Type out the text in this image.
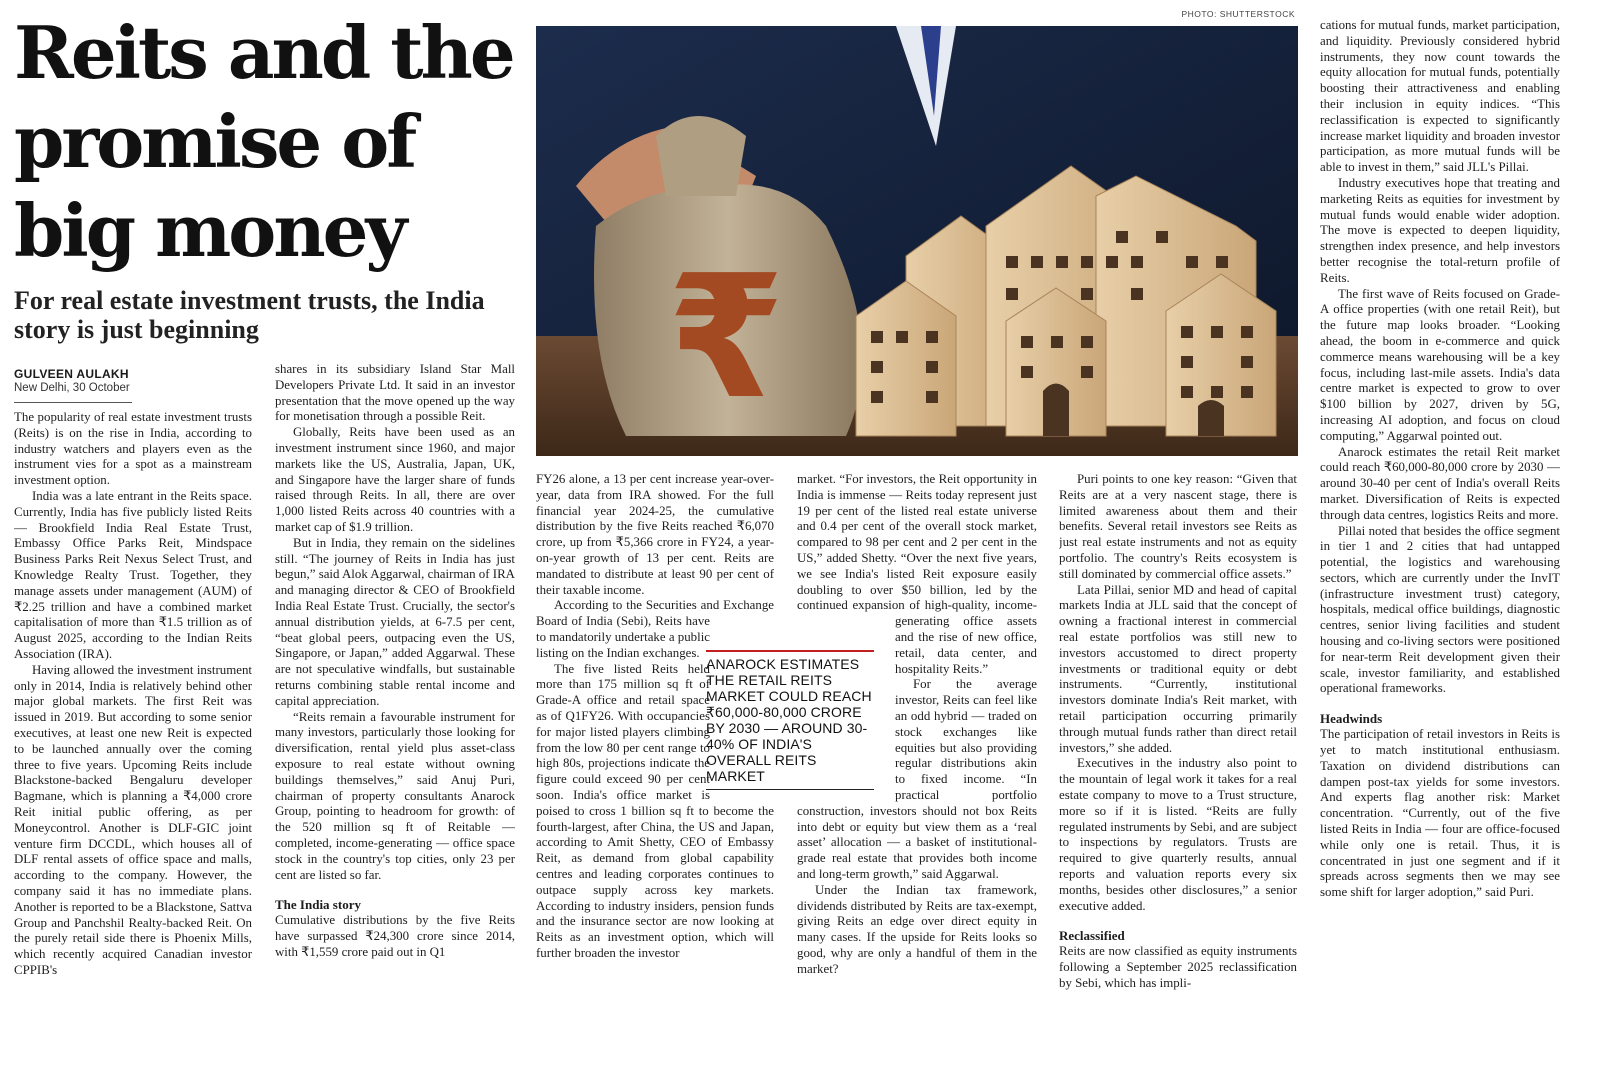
Reits and the promise of big money
For real estate investment trusts, the India story is just beginning
GULVEEN AULAKH
New Delhi, 30 October
PHOTO: SHUTTERSTOCK
₹
ANAROCK ESTIMATES THE RETAIL REITS MARKET COULD REACH ₹60,000-80,000 CRORE BY 2030 — AROUND 30-40% OF INDIA'S OVERALL REITS MARKET

The popularity of real estate investment trusts (Reits) is on the rise in India, according to industry watchers and players even as the instrument vies for a spot as a mainstream investment option.

India was a late entrant in the Reits space. Currently, India has five publicly listed Reits — Brookfield India Real Estate Trust, Embassy Office Parks Reit, Mindspace Business Parks Reit Nexus Select Trust, and Knowledge Realty Trust. Together, they manage assets under management (AUM) of ₹2.25 trillion and have a combined market capitalisation of more than ₹1.5 trillion as of August 2025, according to the Indian Reits Association (IRA).

Having allowed the investment instrument only in 2014, India is relatively behind other major global markets. The first Reit was issued in 2019. But according to some senior executives, at least one new Reit is expected to be launched annually over the coming three to five years. Upcoming Reits include Blackstone-backed Bengaluru developer Bagmane, which is planning a ₹4,000 crore Reit initial public offering, as per Moneycontrol. Another is DLF-GIC joint venture firm DCCDL, which houses all of DLF rental assets of office space and malls, according to the company. However, the company said it has no immediate plans. Another is reported to be a Blackstone, Sattva Group and Panchshil Realty-backed Reit. On the purely retail side there is Phoenix Mills, which recently acquired Canadian investor CPPIB's

shares in its subsidiary Island Star Mall Developers Private Ltd. It said in an investor presentation that the move opened up the way for monetisation through a possible Reit.

Globally, Reits have been used as an investment instrument since 1960, and major markets like the US, Australia, Japan, UK, and Singapore have the larger share of funds raised through Reits. In all, there are over 1,000 listed Reits across 40 countries with a market cap of $1.9 trillion.

But in India, they remain on the sidelines still. “The journey of Reits in India has just begun,” said Alok Aggarwal, chairman of IRA and managing director & CEO of Brookfield India Real Estate Trust. Crucially, the sector's annual distribution yields, at 6-7.5 per cent, “beat global peers, outpacing even the US, Singapore, or Japan,” added Aggarwal. These are not speculative windfalls, but sustainable returns combining stable rental income and capital appreciation.

“Reits remain a favourable instrument for many investors, particularly those looking for diversification, rental yield plus asset-class exposure to real estate without owning buildings themselves,” said Anuj Puri, chairman of property consultants Anarock Group, pointing to headroom for growth: of the 520 million sq ft of Reitable — completed, income-generating — office space stock in the country's top cities, only 23 per cent are listed so far.

The India story

Cumulative distributions by the five Reits have surpassed ₹24,300 crore since 2014, with ₹1,559 crore paid out in Q1

FY26 alone, a 13 per cent increase year-over-year, data from IRA showed. For the full financial year 2024-25, the cumulative distribution by the five Reits reached ₹6,070 crore, up from ₹5,366 crore in FY24, a year-on-year growth of 13 per cent. Reits are mandated to distribute at least 90 per cent of their taxable income.

According to the Securities and Exchange Board of India (Sebi), Reits have to mandatorily undertake a public listing on the Indian exchanges.

The five listed Reits held more than 175 million sq ft of Grade-A office and retail space as of Q1FY26. With occupancies for major listed players climbing from the low 80 per cent range to high 80s, projections indicate the figure could exceed 90 per cent soon. India's office market is poised to cross 1 billion sq ft to become the fourth-largest, after China, the US and Japan, according to Amit Shetty, CEO of Embassy Reit, as demand from global capability centres and leading corporates continues to outpace supply across key markets. According to industry insiders, pension funds and the insurance sector are now looking at Reits as an investment option, which will further broaden the investor

market. “For investors, the Reit opportunity in India is immense — Reits today represent just 19 per cent of the listed real estate universe and 0.4 per cent of the overall stock market, compared to 98 per cent and 2 per cent in the US,” added Shetty. “Over the next five years, we see India's listed Reit exposure easily doubling to over $50 billion, led by the continued expansion of high-quality, income-generating office assets and the rise of new office, retail, data center, and hospitality Reits.”

For the average investor, Reits can feel like an odd hybrid — traded on stock exchanges like equities but also providing regular distributions akin to fixed income. “In practical portfolio construction, investors should not box Reits into debt or equity but view them as a ‘real asset’ allocation — a basket of institutional-grade real estate that provides both income and long-term growth,” said Aggarwal.

Under the Indian tax framework, dividends distributed by Reits are tax-exempt, giving Reits an edge over direct equity in many cases. If the upside for Reits looks so good, why are only a handful of them in the market?

Puri points to one key reason: “Given that Reits are at a very nascent stage, there is limited awareness about them and their benefits. Several retail investors see Reits as just real estate instruments and not as equity portfolio. The country's Reits ecosystem is still dominated by commercial office assets.”

Lata Pillai, senior MD and head of capital markets India at JLL said that the concept of owning a fractional interest in commercial real estate portfolios was still new to investors accustomed to direct property investments or traditional equity or debt instruments. “Currently, institutional investors dominate India's Reit market, with retail participation occurring primarily through mutual funds rather than direct retail investors,” she added.

Executives in the industry also point to the mountain of legal work it takes for a real estate company to move to a Trust structure, more so if it is listed. “Reits are fully regulated instruments by Sebi, and are subject to inspections by regulators. Trusts are required to give quarterly results, annual reports and valuation reports every six months, besides other disclosures,” a senior executive added.

Reclassified

Reits are now classified as equity instruments following a September 2025 reclassification by Sebi, which has impli-

cations for mutual funds, market participation, and liquidity. Previously considered hybrid instruments, they now count towards the equity allocation for mutual funds, potentially boosting their attractiveness and enabling their inclusion in equity indices. “This reclassification is expected to significantly increase market liquidity and broaden investor participation, as more mutual funds will be able to invest in them,” said JLL's Pillai.

Industry executives hope that treating and marketing Reits as equities for investment by mutual funds would enable wider adoption. The move is expected to deepen liquidity, strengthen index presence, and help investors better recognise the total-return profile of Reits.

The first wave of Reits focused on Grade-A office properties (with one retail Reit), but the future map looks broader. “Looking ahead, the boom in e-commerce and quick commerce means warehousing will be a key focus, including last-mile assets. India's data centre market is expected to grow to over $100 billion by 2027, driven by 5G, increasing AI adoption, and focus on cloud computing,” Aggarwal pointed out.

Anarock estimates the retail Reit market could reach ₹60,000-80,000 crore by 2030 — around 30-40 per cent of India's overall Reits market. Diversification of Reits is expected through data centres, logistics Reits and more.

Pillai noted that besides the office segment in tier 1 and 2 cities that had untapped potential, the logistics and warehousing sectors, which are currently under the InvIT (infrastructure investment trust) category, hospitals, medical office buildings, diagnostic centres, senior living facilities and student housing and co-living sectors were positioned for near-term Reit development given their scale, investor familiarity, and established operational frameworks.

Headwinds

The participation of retail investors in Reits is yet to match institutional enthusiasm. Taxation on dividend distributions can dampen post-tax yields for some investors. And experts flag another risk: Market concentration. “Currently, out of the five listed Reits in India — four are office-focused while only one is retail. Thus, it is concentrated in just one segment and if it spreads across segments then we may see some shift for larger adoption,” said Puri.
